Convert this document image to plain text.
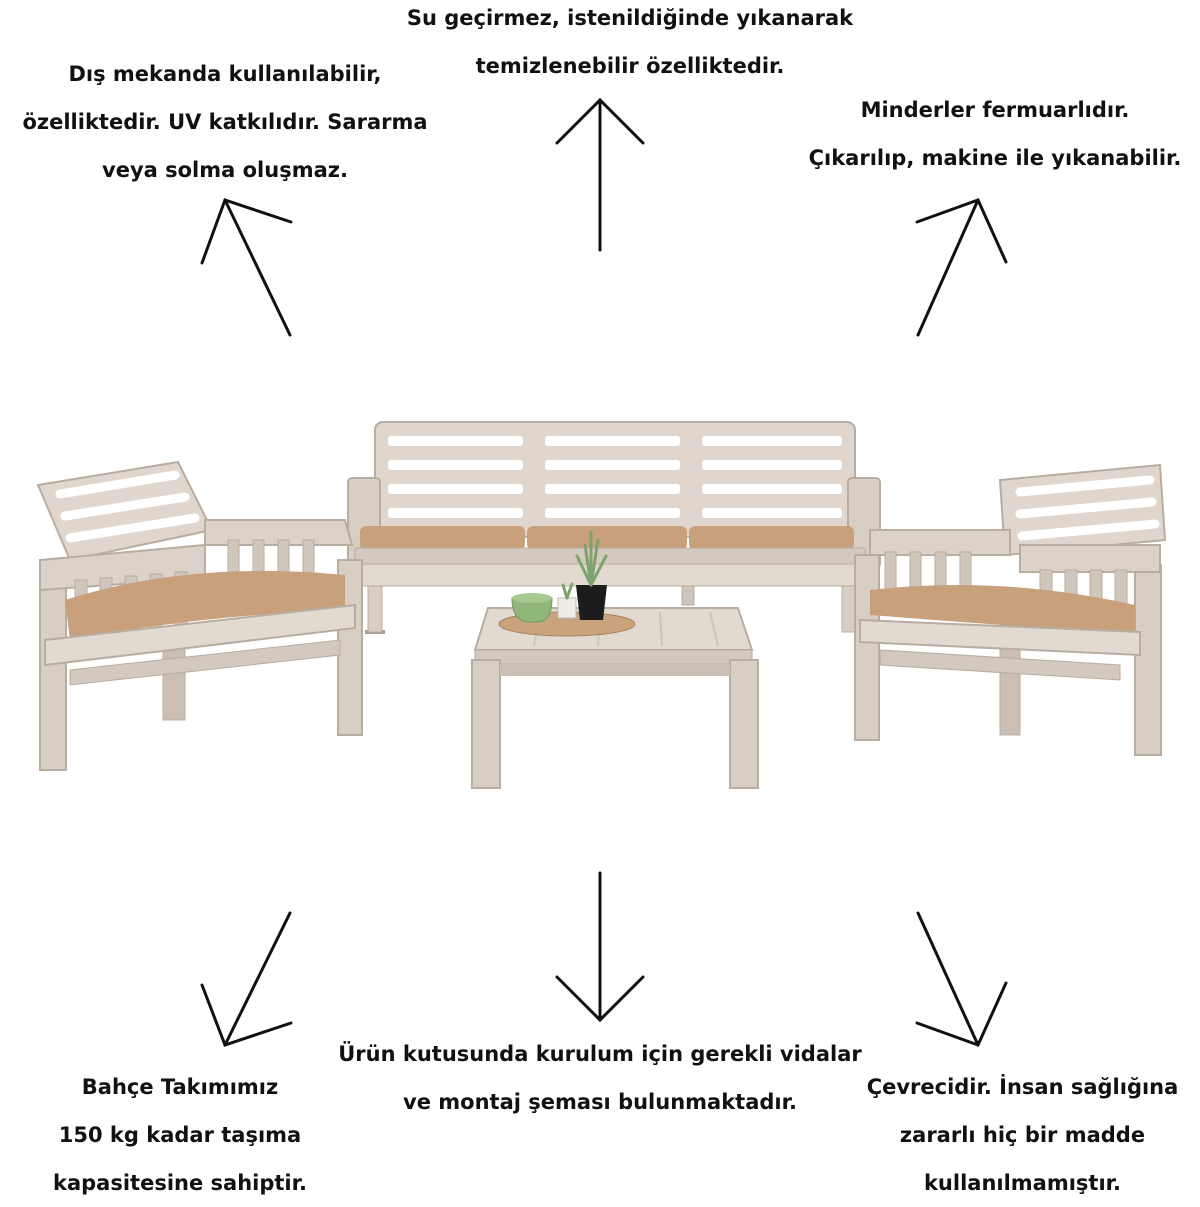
Dış mekanda kullanılabilir,
özelliktedir. UV katkılıdır. Sararma
veya solma oluşmaz.
Su geçirmez, istenildiğinde yıkanarak
temizlenebilir özelliktedir.
Minderler fermuarlıdır.
Çıkarılıp, makine ile yıkanabilir.
Bahçe Takımımız
150 kg kadar taşıma
kapasitesine sahiptir.
Ürün kutusunda kurulum için gerekli vidalar
ve montaj şeması bulunmaktadır.
Çevrecidir. İnsan sağlığına
zararlı hiç bir madde
kullanılmamıştır.
